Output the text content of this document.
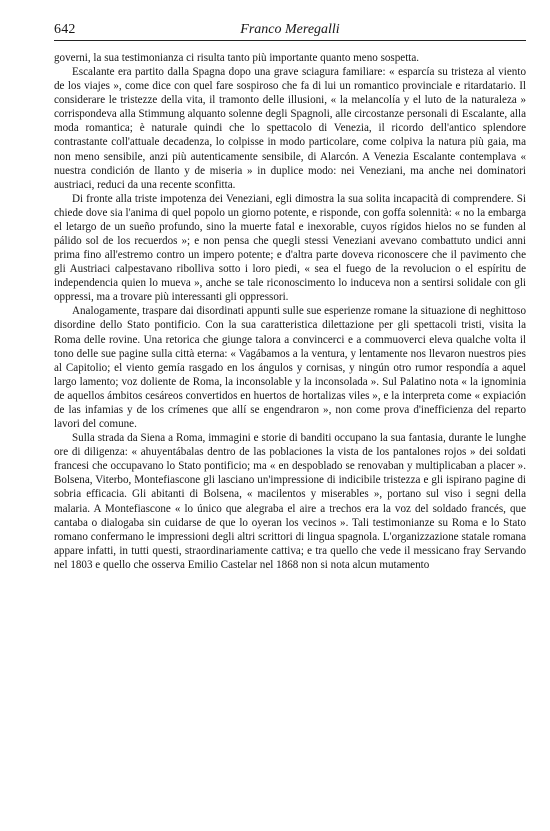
642	Franco Meregalli

governi, la sua testimonianza ci risulta tanto più importante quanto meno sospetta.

Escalante era partito dalla Spagna dopo una grave sciagura familiare: « esparcía su tristeza al viento de los viajes », come dice con quel fare sospiroso che fa di lui un romantico provinciale e ritardatario. Il considerare le tristezze della vita, il tramonto delle illusioni, « la melancolía y el luto de la naturaleza » corrispondeva alla Stimmung alquanto solenne degli Spagnoli, alle circostanze personali di Escalante, alla moda romantica; è naturale quindi che lo spettacolo di Venezia, il ricordo dell'antico splendore contrastante coll'attuale decadenza, lo colpisse in modo particolare, come colpiva la natura più gaia, ma non meno sensibile, anzi più autenticamente sensibile, di Alarcón. A Venezia Escalante contemplava « nuestra condición de llanto y de miseria » in duplice modo: nei Veneziani, ma anche nei dominatori austriaci, reduci da una recente sconfitta.

Di fronte alla triste impotenza dei Veneziani, egli dimostra la sua solita incapacità di comprendere. Si chiede dove sia l'anima di quel popolo un giorno potente, e risponde, con goffa solennità: « no la embarga el letargo de un sueño profundo, sino la muerte fatal e inexorable, cuyos rígidos hielos no se funden al pálido sol de los recuerdos »; e non pensa che quegli stessi Veneziani avevano combattuto undici anni prima fino all'estremo contro un impero potente; e d'altra parte doveva riconoscere che il pavimento che gli Austriaci calpestavano ribolliva sotto i loro piedi, « sea el fuego de la revolucion o el espíritu de independencia quien lo mueva », anche se tale riconoscimento lo induceva non a sentirsi solidale con gli oppressi, ma a trovare più interessanti gli oppressori.

Analogamente, traspare dai disordinati appunti sulle sue esperienze romane la situazione di neghittoso disordine dello Stato pontificio. Con la sua caratteristica dilettazione per gli spettacoli tristi, visita la Roma delle rovine. Una retorica che giunge talora a convincerci e a commuoverci eleva qualche volta il tono delle sue pagine sulla città eterna: « Vagábamos a la ventura, y lentamente nos llevaron nuestros pies al Capitolio; el viento gemía rasgado en los ángulos y cornisas, y ningún otro rumor respondía a aquel largo lamento; voz doliente de Roma, la inconsolable y la inconsolada ». Sul Palatino nota « la ignominia de aquellos ámbitos cesáreos convertidos en huertos de hortalizas viles », e la interpreta come « expiación de las infamias y de los crímenes que allí se engendraron », non come prova d'inefficienza del reparto lavori del comune.

Sulla strada da Siena a Roma, immagini e storie di banditi occupano la sua fantasia, durante le lunghe ore di diligenza: « ahuyentábalas dentro de las poblaciones la vista de los pantalones rojos » dei soldati francesi che occupavano lo Stato pontificio; ma « en despoblado se renovaban y multiplicaban a placer ». Bolsena, Viterbo, Montefiascone gli lasciano un'impressione di indicibile tristezza e gli ispirano pagine di sobria efficacia. Gli abitanti di Bolsena, « macilentos y miserables », portano sul viso i segni della malaria. A Montefiascone « lo único que alegraba el aire a trechos era la voz del soldado francés, que cantaba o dialogaba sin cuidarse de que lo oyeran los vecinos ». Tali testimonianze su Roma e lo Stato romano confermano le impressioni degli altri scrittori di lingua spagnola. L'organizzazione statale romana appare infatti, in tutti questi, straordinariamente cattiva; e tra quello che vede il messicano fray Servando nel 1803 e quello che osserva Emilio Castelar nel 1868 non si nota alcun mutamento
